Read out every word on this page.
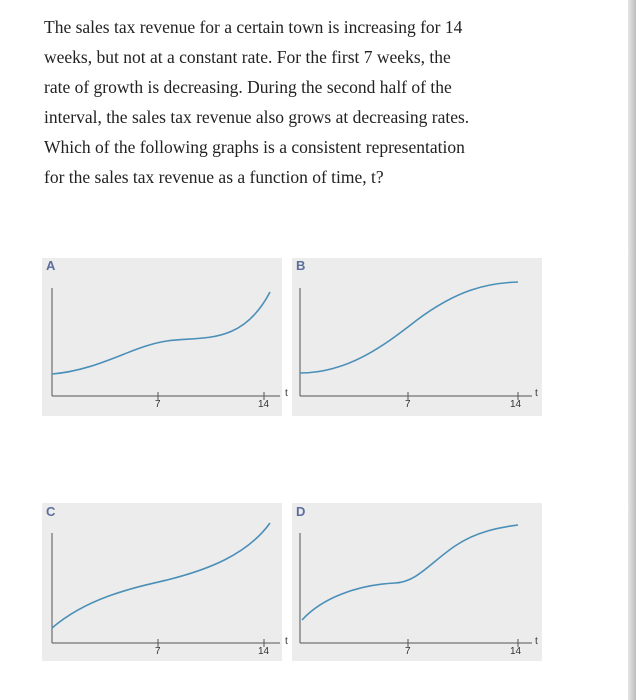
The sales tax revenue for a certain town is increasing for 14
weeks, but not at a constant rate. For the first 7 weeks, the
rate of growth is decreasing. During the second half of the
interval, the sales tax revenue also grows at decreasing rates.
Which of the following graphs is a consistent representation
for the sales tax revenue as a function of time, t?
A
7	14
t
B
7	14
t
C
7	14
t
D
7	14
t
